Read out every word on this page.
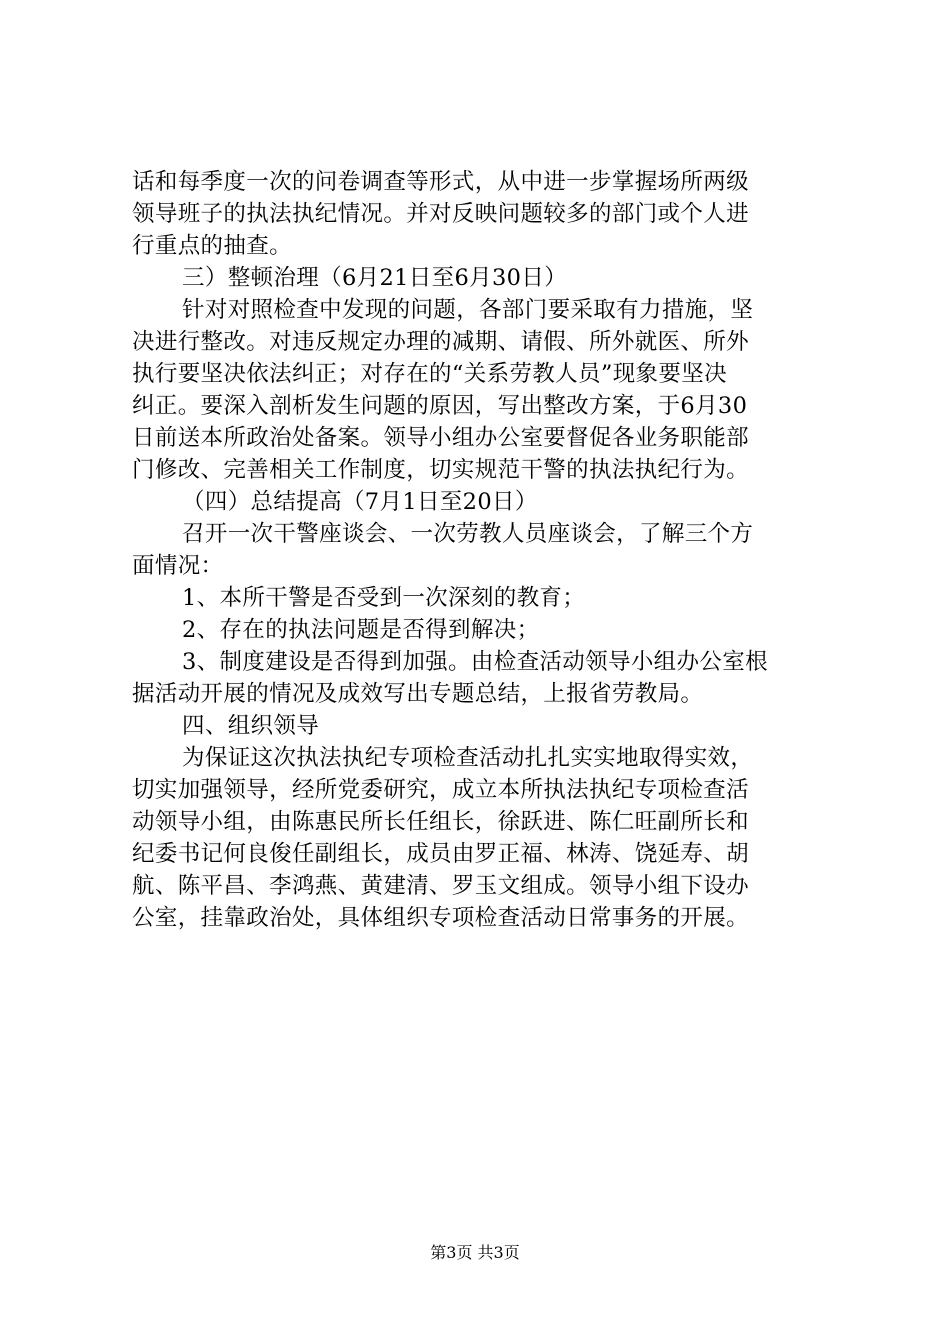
话和每季度一次的问卷调查等形式，从中进一步掌握场所两级
领导班子的执法执纪情况。并对反映问题较多的部门或个人进
行重点的抽查。
三）整顿治理（6月21日至6月30日）
针对对照检查中发现的问题，各部门要采取有力措施，坚
决进行整改。对违反规定办理的减期、请假、所外就医、所外
执行要坚决依法纠正；对存在的“关系劳教人员”现象要坚决
纠正。要深入剖析发生问题的原因，写出整改方案，于6月30
日前送本所政治处备案。领导小组办公室要督促各业务职能部
门修改、完善相关工作制度，切实规范干警的执法执纪行为。
（四）总结提高（7月1日至20日）
召开一次干警座谈会、一次劳教人员座谈会，了解三个方
面情况：
1、本所干警是否受到一次深刻的教育；
2、存在的执法问题是否得到解决；
3、制度建设是否得到加强。由检查活动领导小组办公室根
据活动开展的情况及成效写出专题总结，上报省劳教局。
四、组织领导
为保证这次执法执纪专项检查活动扎扎实实地取得实效，
切实加强领导，经所党委研究，成立本所执法执纪专项检查活
动领导小组，由陈惠民所长任组长，徐跃进、陈仁旺副所长和
纪委书记何良俊任副组长，成员由罗正福、林涛、饶延寿、胡
航、陈平昌、李鸿燕、黄建清、罗玉文组成。领导小组下设办
公室，挂靠政治处，具体组织专项检查活动日常事务的开展。
第3页 共3页
